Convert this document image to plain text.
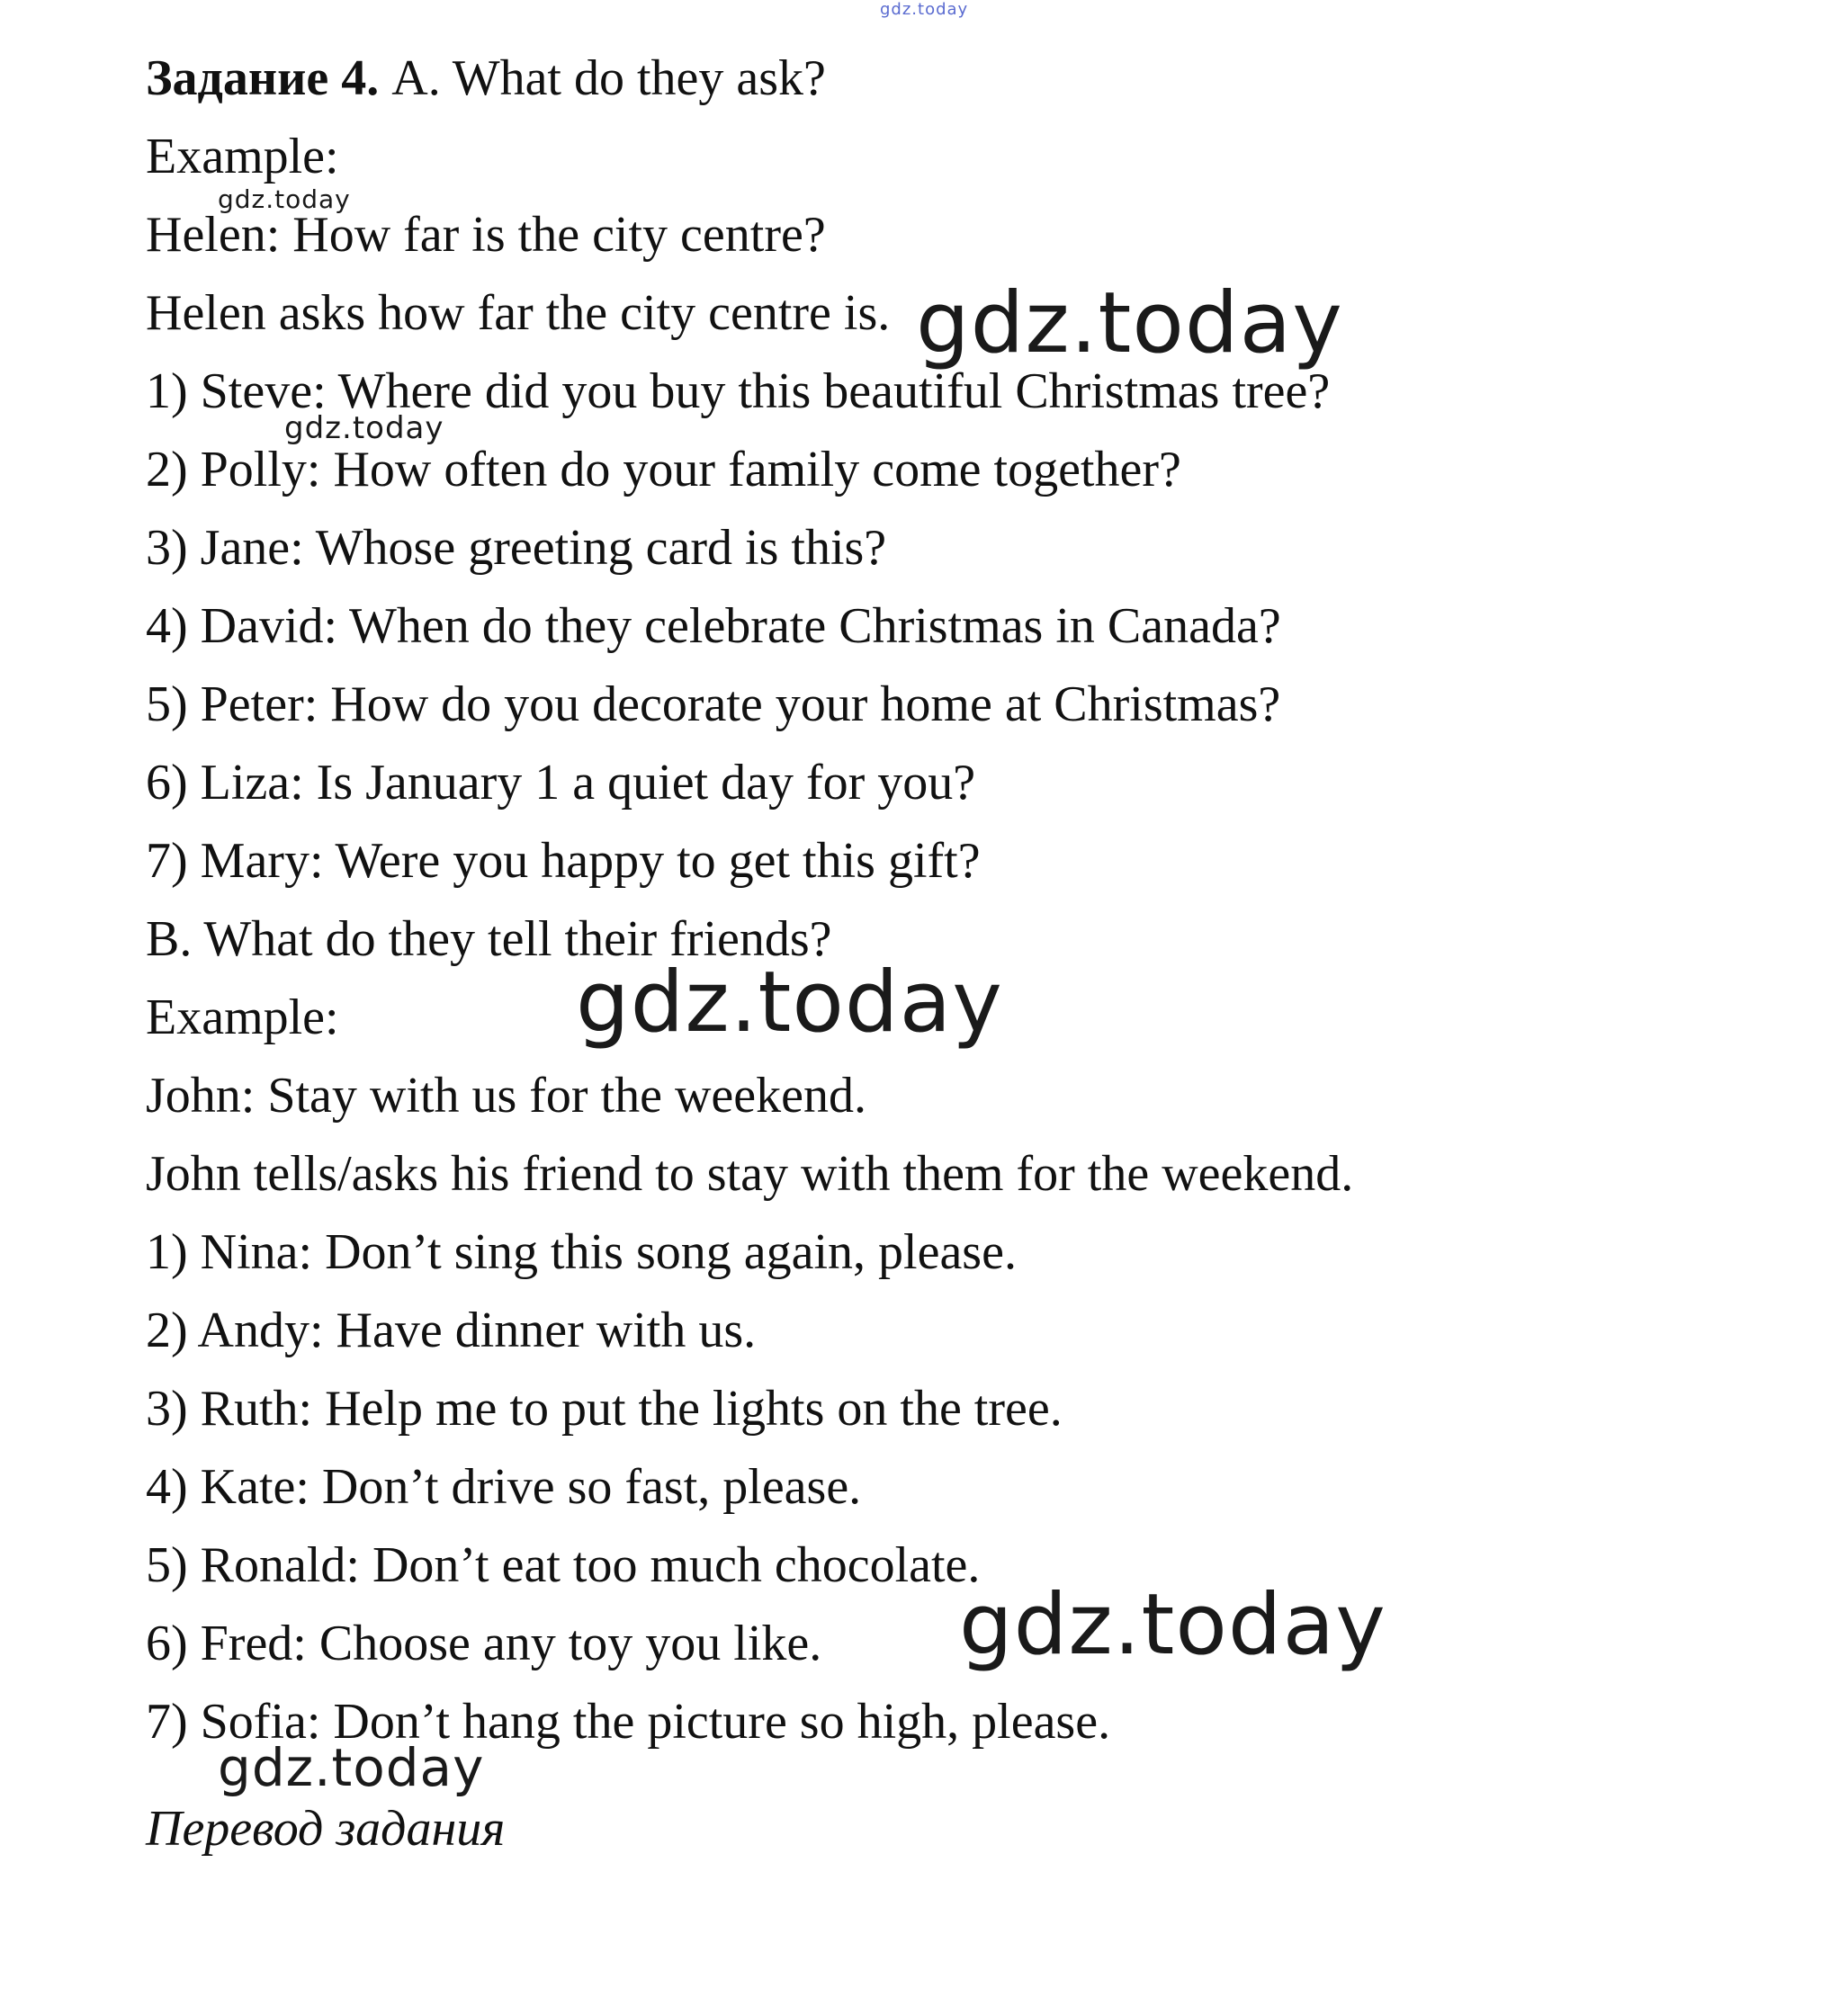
gdz.today
gdz.today
gdz.today
gdz.today
gdz.today
gdz.today
gdz.today
Задание 4. A. What do they ask?
Example:
Helen: How far is the city centre?
Helen asks how far the city centre is.
1) Steve: Where did you buy this beautiful Christmas tree?
2) Polly: How often do your family come together?
3) Jane: Whose greeting card is this?
4) David: When do they celebrate Christmas in Canada?
5) Peter: How do you decorate your home at Christmas?
6) Liza: Is January 1 a quiet day for you?
7) Mary: Were you happy to get this gift?
B. What do they tell their friends?
Example:
John: Stay with us for the weekend.
John tells/asks his friend to stay with them for the weekend.
1) Nina: Don’t sing this song again, please.
2) Andy: Have dinner with us.
3) Ruth: Help me to put the lights on the tree.
4) Kate: Don’t drive so fast, please.
5) Ronald: Don’t eat too much chocolate.
6) Fred: Choose any toy you like.
7) Sofia: Don’t hang the picture so high, please.
Перевод задания
